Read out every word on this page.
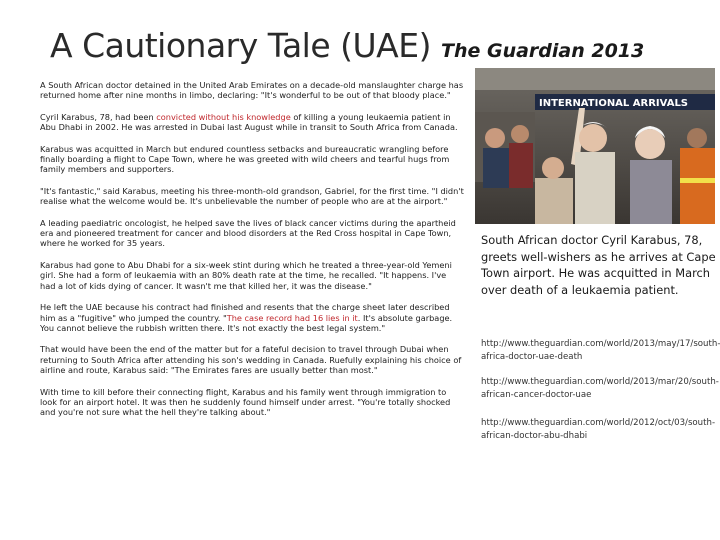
A Cautionary Tale (UAE) The Guardian 2013

A South African doctor detained in the United Arab Emirates on a decade-old manslaughter charge has returned home after nine months in limbo, declaring: "It's wonderful to be out of that bloody place."

Cyril Karabus, 78, had been convicted without his knowledge of killing a young leukaemia patient in Abu Dhabi in 2002. He was arrested in Dubai last August while in transit to South Africa from Canada.

Karabus was acquitted in March but endured countless setbacks and bureaucratic wrangling before finally boarding a flight to Cape Town, where he was greeted with wild cheers and tearful hugs from family members and supporters.

"It's fantastic," said Karabus, meeting his three-month-old grandson, Gabriel, for the first time. "I didn't realise what the welcome would be. It's unbelievable the number of people who are at the airport."

A leading paediatric oncologist, he helped save the lives of black cancer victims during the apartheid era and pioneered treatment for cancer and blood disorders at the Red Cross hospital in Cape Town, where he worked for 35 years.

Karabus had gone to Abu Dhabi for a six-week stint during which he treated a three-year-old Yemeni girl. She had a form of leukaemia with an 80% death rate at the time, he recalled. "It happens. I've had a lot of kids dying of cancer. It wasn't me that killed her, it was the disease."

He left the UAE because his contract had finished and resents that the charge sheet later described him as a "fugitive" who jumped the country. "The case record had 16 lies in it. It's absolute garbage. You cannot believe the rubbish written there. It's not exactly the best legal system."

That would have been the end of the matter but for a fateful decision to travel through Dubai when returning to South Africa after attending his son's wedding in Canada. Ruefully explaining his choice of airline and route, Karabus said: "The Emirates fares are usually better than most."

With time to kill before their connecting flight, Karabus and his family went through immigration to look for an airport hotel. It was then he suddenly found himself under arrest. "You're totally shocked and you're not sure what the hell they're talking about."

INTERNATIONAL ARRIVALS
South African doctor Cyril Karabus, 78, greets well-wishers as he arrives at Cape Town airport. He was acquitted in March over death of a leukaemia patient.
http://www.theguardian.com/world/2013/may/17/south-africa-doctor-uae-death
http://www.theguardian.com/world/2013/mar/20/south-african-cancer-doctor-uae
http://www.theguardian.com/world/2012/oct/03/south-african-doctor-abu-dhabi
